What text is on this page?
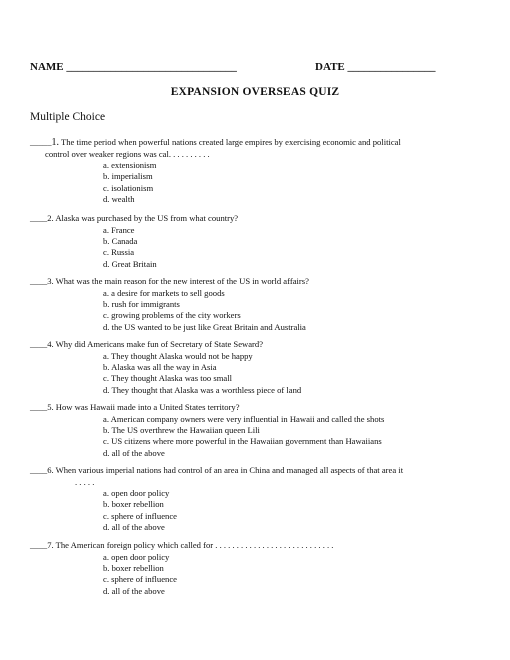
NAME _______________________________	DATE ________________
EXPANSION OVERSEAS QUIZ
Multiple Choice
_____1. The time period when powerful nations created large empires by exercising economic and political
control over weaker regions was cal. . . . . . . . . .
a. extensionism
b. imperialism
c. isolationism
d. wealth
____2. Alaska was purchased by the US from what country?
a. France
b. Canada
c. Russia
d. Great Britain
____3. What was the main reason for the new interest of the US in world affairs?
a. a desire for markets to sell goods
b. rush for immigrants
c. growing problems of the city workers
d. the US wanted to be just like Great Britain and Australia
____4. Why did Americans make fun of Secretary of State Seward?
a. They thought Alaska would not be happy
b. Alaska was all the way in Asia
c. They thought Alaska was too small
d. They thought that Alaska was a worthless piece of land
____5. How was Hawaii made into a United States territory?
a. American company owners were very influential in Hawaii and called the shots
b. The US overthrew the Hawaiian queen Lili
c. US citizens where more powerful in the Hawaiian government than Hawaiians
d. all of the above
____6. When various imperial nations had control of an area in China and managed all aspects of that area it
. . . . .
a. open door policy
b. boxer rebellion
c. sphere of influence
d. all of the above
____7. The American foreign policy which called for . . . . . . . . . . . . . . . . . . . . . . . . . . . .
a. open door policy
b. boxer rebellion
c. sphere of influence
d. all of the above
